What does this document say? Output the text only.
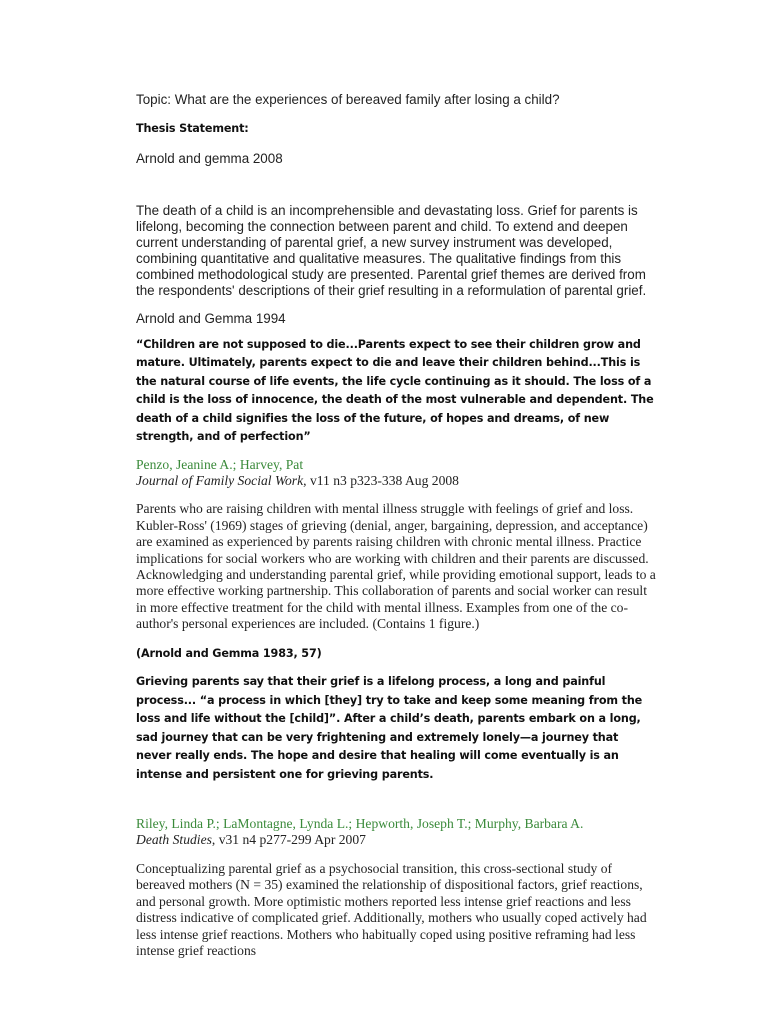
Topic: What are the experiences of bereaved family after losing a child?

Thesis Statement:

Arnold and gemma 2008

The death of a child is an incomprehensible and devastating loss. Grief for parents is lifelong, becoming the connection between parent and child. To extend and deepen current understanding of parental grief, a new survey instrument was developed, combining quantitative and qualitative measures. The qualitative findings from this combined methodological study are presented. Parental grief themes are derived from the respondents' descriptions of their grief resulting in a reformulation of parental grief.

Arnold and Gemma 1994

“Children are not supposed to die...Parents expect to see their children grow and mature. Ultimately, parents expect to die and leave their children behind...This is the natural course of life events, the life cycle continuing as it should. The loss of a child is the loss of innocence, the death of the most vulnerable and dependent. The death of a child signifies the loss of the future, of hopes and dreams, of new strength, and of perfection”

Penzo, Jeanine A.; Harvey, Pat

Journal of Family Social Work, v11 n3 p323-338 Aug 2008

Parents who are raising children with mental illness struggle with feelings of grief and loss. Kubler-Ross' (1969) stages of grieving (denial, anger, bargaining, depression, and acceptance) are examined as experienced by parents raising children with chronic mental illness. Practice implications for social workers who are working with children and their parents are discussed. Acknowledging and understanding parental grief, while providing emotional support, leads to a more effective working partnership. This collaboration of parents and social worker can result in more effective treatment for the child with mental illness. Examples from one of the co-author's personal experiences are included. (Contains 1 figure.)

(Arnold and Gemma 1983, 57)

Grieving parents say that their grief is a lifelong process, a long and painful process... “a process in which [they] try to take and keep some meaning from the loss and life without the [child]”. After a child’s death, parents embark on a long, sad journey that can be very frightening and extremely lonely—a journey that never really ends. The hope and desire that healing will come eventually is an intense and persistent one for grieving parents.

Riley, Linda P.; LaMontagne, Lynda L.; Hepworth, Joseph T.; Murphy, Barbara A.

Death Studies, v31 n4 p277-299 Apr 2007

Conceptualizing parental grief as a psychosocial transition, this cross-sectional study of bereaved mothers (N = 35) examined the relationship of dispositional factors, grief reactions, and personal growth. More optimistic mothers reported less intense grief reactions and less distress indicative of complicated grief. Additionally, mothers who usually coped actively had less intense grief reactions. Mothers who habitually coped using positive reframing had less intense grief reactions
